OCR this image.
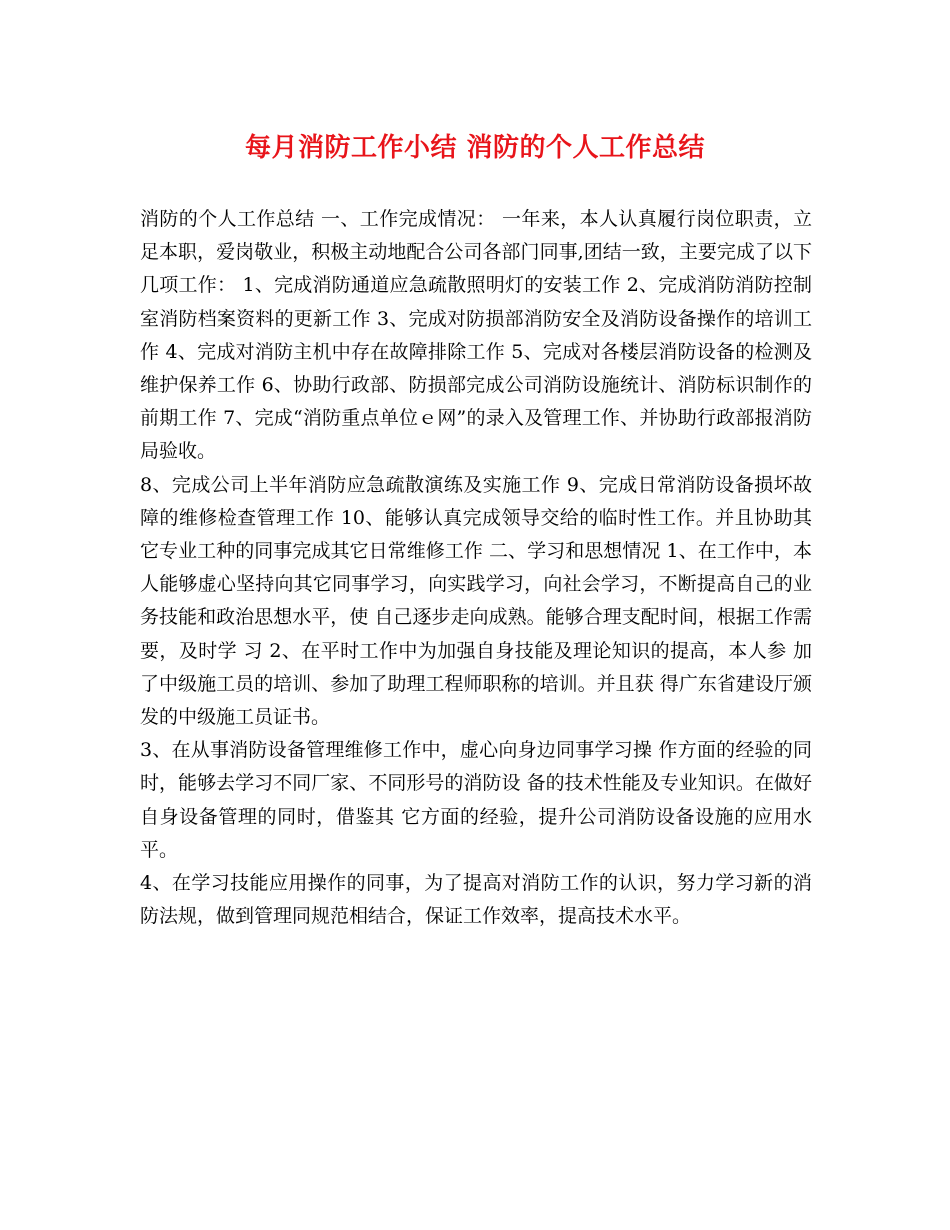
每月消防工作小结 消防的个人工作总结

消防的个人工作总结 一、工作完成情况： 一年来，本人认真履行岗位职责，立足本职，爱岗敬业，积极主动地配合公司各部门同事,团结一致，主要完成了以下几项工作： 1、完成消防通道应急疏散照明灯的安装工作 2、完成消防消防控制室消防档案资料的更新工作 3、完成对防损部消防安全及消防设备操作的培训工作 4、完成对消防主机中存在故障排除工作 5、完成对各楼层消防设备的检测及维护保养工作 6、协助行政部、防损部完成公司消防设施统计、消防标识制作的前期工作 7、完成“消防重点单位ｅ网”的录入及管理工作、并协助行政部报消防局验收。

8、完成公司上半年消防应急疏散演练及实施工作 9、完成日常消防设备损坏故障的维修检查管理工作 10、能够认真完成领导交给的临时性工作。并且协助其它专业工种的同事完成其它日常维修工作 二、学习和思想情况 1、在工作中，本人能够虚心坚持向其它同事学习，向实践学习，向社会学习，不断提高自己的业务技能和政治思想水平，使 自己逐步走向成熟。能够合理支配时间，根据工作需要，及时学 习 2、在平时工作中为加强自身技能及理论知识的提高，本人参 加了中级施工员的培训、参加了助理工程师职称的培训。并且获 得广东省建设厅颁发的中级施工员证书。

3、在从事消防设备管理维修工作中，虚心向身边同事学习操 作方面的经验的同时，能够去学习不同厂家、不同形号的消防设 备的技术性能及专业知识。在做好自身设备管理的同时，借鉴其 它方面的经验，提升公司消防设备设施的应用水平。

4、在学习技能应用操作的同事，为了提高对消防工作的认识，努力学习新的消防法规，做到管理同规范相结合，保证工作效率，提高技术水平。
